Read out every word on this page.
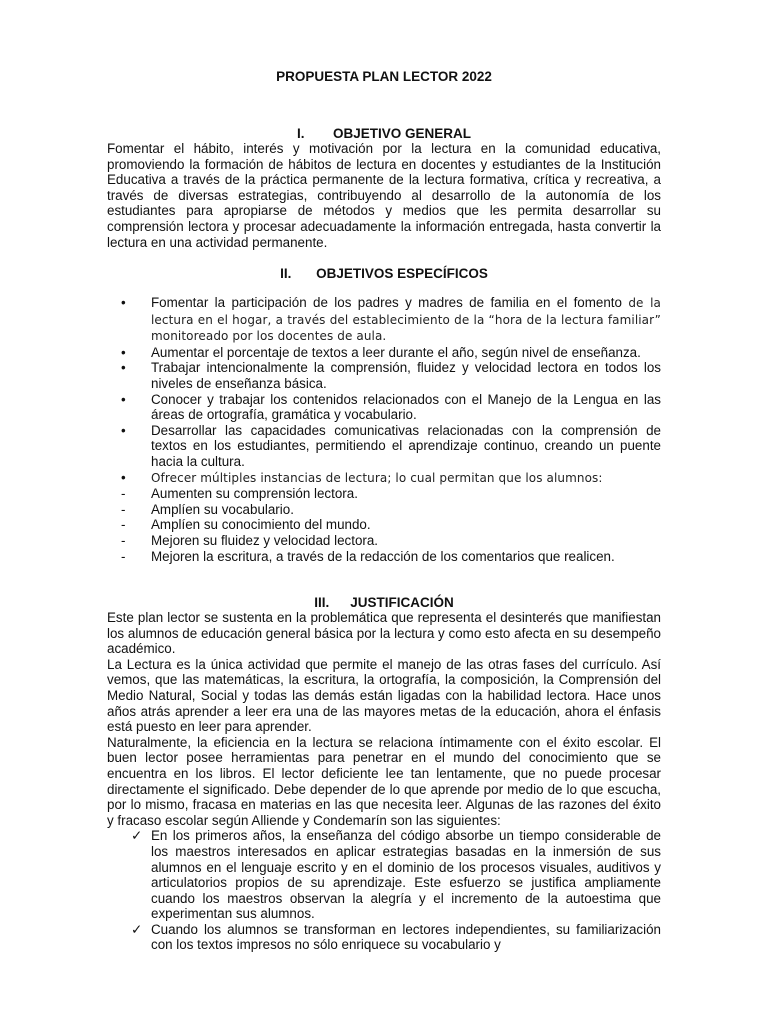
PROPUESTA PLAN LECTOR 2022
I. OBJETIVO GENERAL

Fomentar el hábito, interés y motivación por la lectura en la comunidad educativa, promoviendo la formación de hábitos de lectura en docentes y estudiantes de la Institución Educativa a través de la práctica permanente de la lectura formativa, crítica y recreativa, a través de diversas estrategias, contribuyendo al desarrollo de la autonomía de los estudiantes para apropiarse de métodos y medios que les permita desarrollar su comprensión lectora y procesar adecuadamente la información entregada, hasta convertir la lectura en una actividad permanente.

II. OBJETIVOS ESPECÍFICOS
•	Fomentar la participación de los padres y madres de familia en el fomento de la lectura en el hogar, a través del establecimiento de la “hora de la lectura familiar” monitoreado por los docentes de aula.
•	Aumentar el porcentaje de textos a leer durante el año, según nivel de enseñanza.
•	Trabajar intencionalmente la comprensión, fluidez y velocidad lectora en todos los niveles de enseñanza básica.
•	Conocer y trabajar los contenidos relacionados con el Manejo de la Lengua en las áreas de ortografía, gramática y vocabulario.
•	Desarrollar las capacidades comunicativas relacionadas con la comprensión de textos en los estudiantes, permitiendo el aprendizaje continuo, creando un puente hacia la cultura.
•	Ofrecer múltiples instancias de lectura; lo cual permitan que los alumnos:
-	Aumenten su comprensión lectora.
-	Amplíen su vocabulario.
-	Amplíen su conocimiento del mundo.
-	Mejoren su fluidez y velocidad lectora.
-	Mejoren la escritura, a través de la redacción de los comentarios que realicen.
III. JUSTIFICACIÓN

Este plan lector se sustenta en la problemática que representa el desinterés que manifiestan los alumnos de educación general básica por la lectura y como esto afecta en su desempeño académico.

La Lectura es la única actividad que permite el manejo de las otras fases del currículo. Así vemos, que las matemáticas, la escritura, la ortografía, la composición, la Comprensión del Medio Natural, Social y todas las demás están ligadas con la habilidad lectora. Hace unos años atrás aprender a leer era una de las mayores metas de la educación, ahora el énfasis está puesto en leer para aprender.

Naturalmente, la eficiencia en la lectura se relaciona íntimamente con el éxito escolar. El buen lector posee herramientas para penetrar en el mundo del conocimiento que se encuentra en los libros. El lector deficiente lee tan lentamente, que no puede procesar directamente el significado. Debe depender de lo que aprende por medio de lo que escucha, por lo mismo, fracasa en materias en las que necesita leer. Algunas de las razones del éxito y fracaso escolar según Alliende y Condemarín son las siguientes:

✓ En los primeros años, la enseñanza del código absorbe un tiempo considerable de los maestros interesados en aplicar estrategias basadas en la inmersión de sus alumnos en el lenguaje escrito y en el dominio de los procesos visuales, auditivos y articulatorios propios de su aprendizaje. Este esfuerzo se justifica ampliamente cuando los maestros observan la alegría y el incremento de la autoestima que experimentan sus alumnos.
✓ Cuando los alumnos se transforman en lectores independientes, su familiarización con los textos impresos no sólo enriquece su vocabulario y
